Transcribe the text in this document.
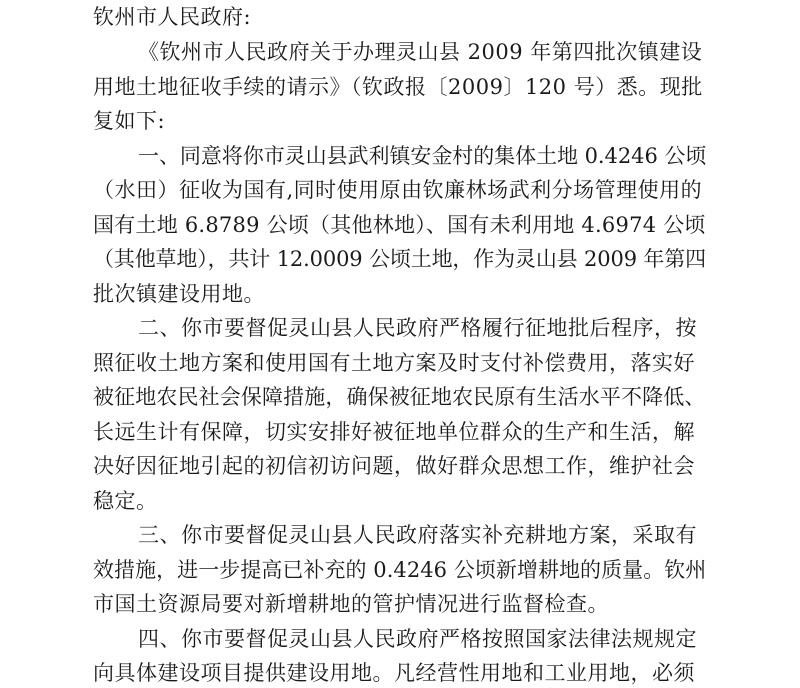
钦州市人民政府:
《钦州市人民政府关于办理灵山县 2009 年第四批次镇建设
用地土地征收手续的请示》（钦政报〔2009〕120 号）悉。现批
复如下:
一、同意将你市灵山县武利镇安金村的集体土地 0.4246 公顷
（水田）征收为国有,同时使用原由钦廉林场武利分场管理使用的
国有土地 6.8789 公顷（其他林地）、国有未利用地 4.6974 公顷
（其他草地），共计 12.0009 公顷土地，作为灵山县 2009 年第四
批次镇建设用地。
二、你市要督促灵山县人民政府严格履行征地批后程序，按
照征收土地方案和使用国有土地方案及时支付补偿费用，落实好
被征地农民社会保障措施，确保被征地农民原有生活水平不降低、
长远生计有保障，切实安排好被征地单位群众的生产和生活，解
决好因征地引起的初信初访问题，做好群众思想工作，维护社会
稳定。
三、你市要督促灵山县人民政府落实补充耕地方案，采取有
效措施，进一步提高已补充的 0.4246 公顷新增耕地的质量。钦州
市国土资源局要对新增耕地的管护情况进行监督检查。
四、你市要督促灵山县人民政府严格按照国家法律法规规定
向具体建设项目提供建设用地。凡经营性用地和工业用地，必须
